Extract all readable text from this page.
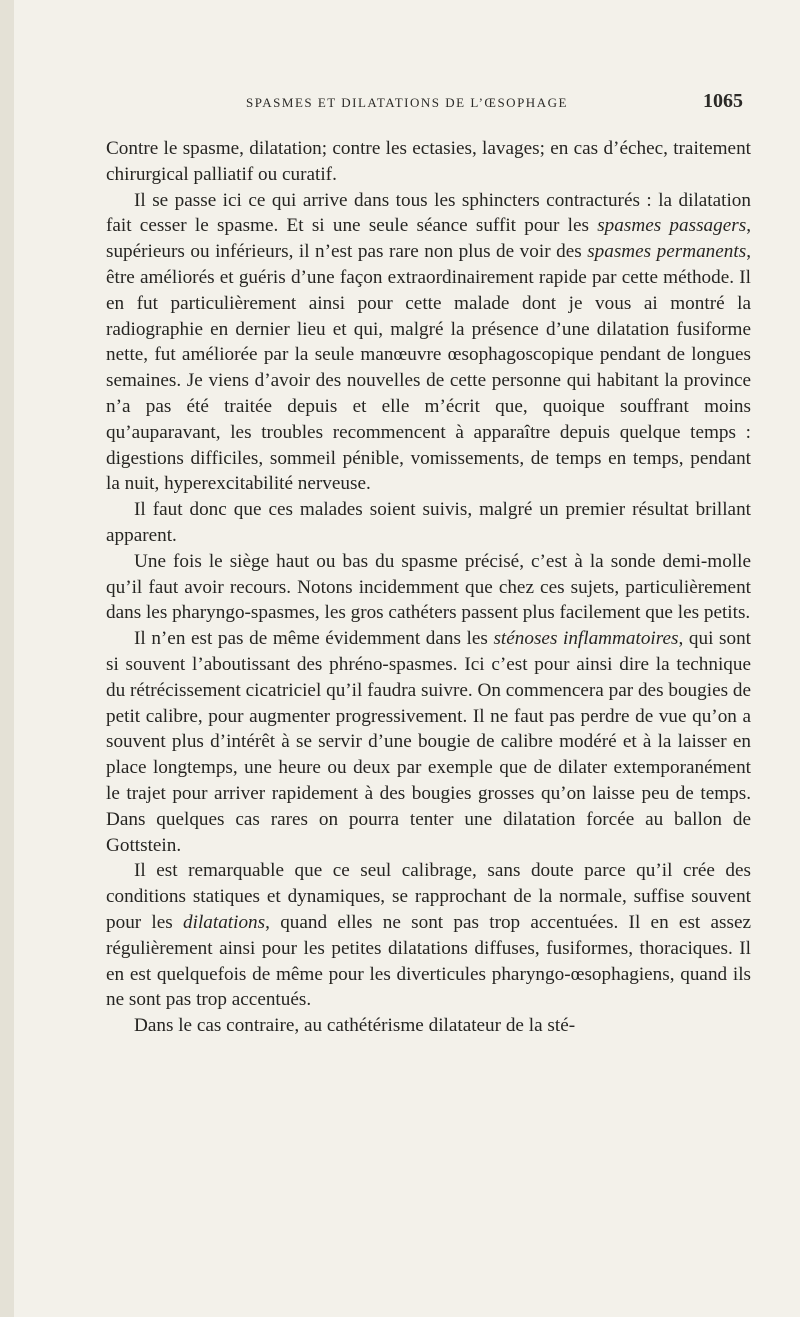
SPASMES ET DILATATIONS DE L’ŒSOPHAGE	1065

Contre le spasme, dilatation; contre les ectasies, lavages; en cas d’échec, traitement chirurgical palliatif ou curatif.

Il se passe ici ce qui arrive dans tous les sphincters contracturés : la dilatation fait cesser le spasme. Et si une seule séance suffit pour les spasmes passagers, supérieurs ou inférieurs, il n’est pas rare non plus de voir des spasmes permanents, être améliorés et guéris d’une façon extraordinairement rapide par cette méthode. Il en fut particulièrement ainsi pour cette malade dont je vous ai montré la radiographie en dernier lieu et qui, malgré la présence d’une dilatation fusiforme nette, fut améliorée par la seule manœuvre œsophagoscopique pendant de longues semaines. Je viens d’avoir des nouvelles de cette personne qui habitant la province n’a pas été traitée depuis et elle m’écrit que, quoique souffrant moins qu’auparavant, les troubles recommencent à apparaître depuis quelque temps : digestions difficiles, sommeil pénible, vomissements, de temps en temps, pendant la nuit, hyperexcitabilité nerveuse.

Il faut donc que ces malades soient suivis, malgré un premier résultat brillant apparent.

Une fois le siège haut ou bas du spasme précisé, c’est à la sonde demi-molle qu’il faut avoir recours. Notons incidemment que chez ces sujets, particulièrement dans les pharyngo-spasmes, les gros cathéters passent plus facilement que les petits.

Il n’en est pas de même évidemment dans les sténoses inflammatoires, qui sont si souvent l’aboutissant des phréno-spasmes. Ici c’est pour ainsi dire la technique du rétrécissement cicatriciel qu’il faudra suivre. On commencera par des bougies de petit calibre, pour augmenter progressivement. Il ne faut pas perdre de vue qu’on a souvent plus d’intérêt à se servir d’une bougie de calibre modéré et à la laisser en place longtemps, une heure ou deux par exemple que de dilater extemporanément le trajet pour arriver rapidement à des bougies grosses qu’on laisse peu de temps. Dans quelques cas rares on pourra tenter une dilatation forcée au ballon de Gottstein.

Il est remarquable que ce seul calibrage, sans doute parce qu’il crée des conditions statiques et dynamiques, se rapprochant de la normale, suffise souvent pour les dilatations, quand elles ne sont pas trop accentuées. Il en est assez régulièrement ainsi pour les petites dilatations diffuses, fusiformes, thoraciques. Il en est quelquefois de même pour les diverticules pharyngo-œsophagiens, quand ils ne sont pas trop accentués.

Dans le cas contraire, au cathétérisme dilatateur de la sté-
